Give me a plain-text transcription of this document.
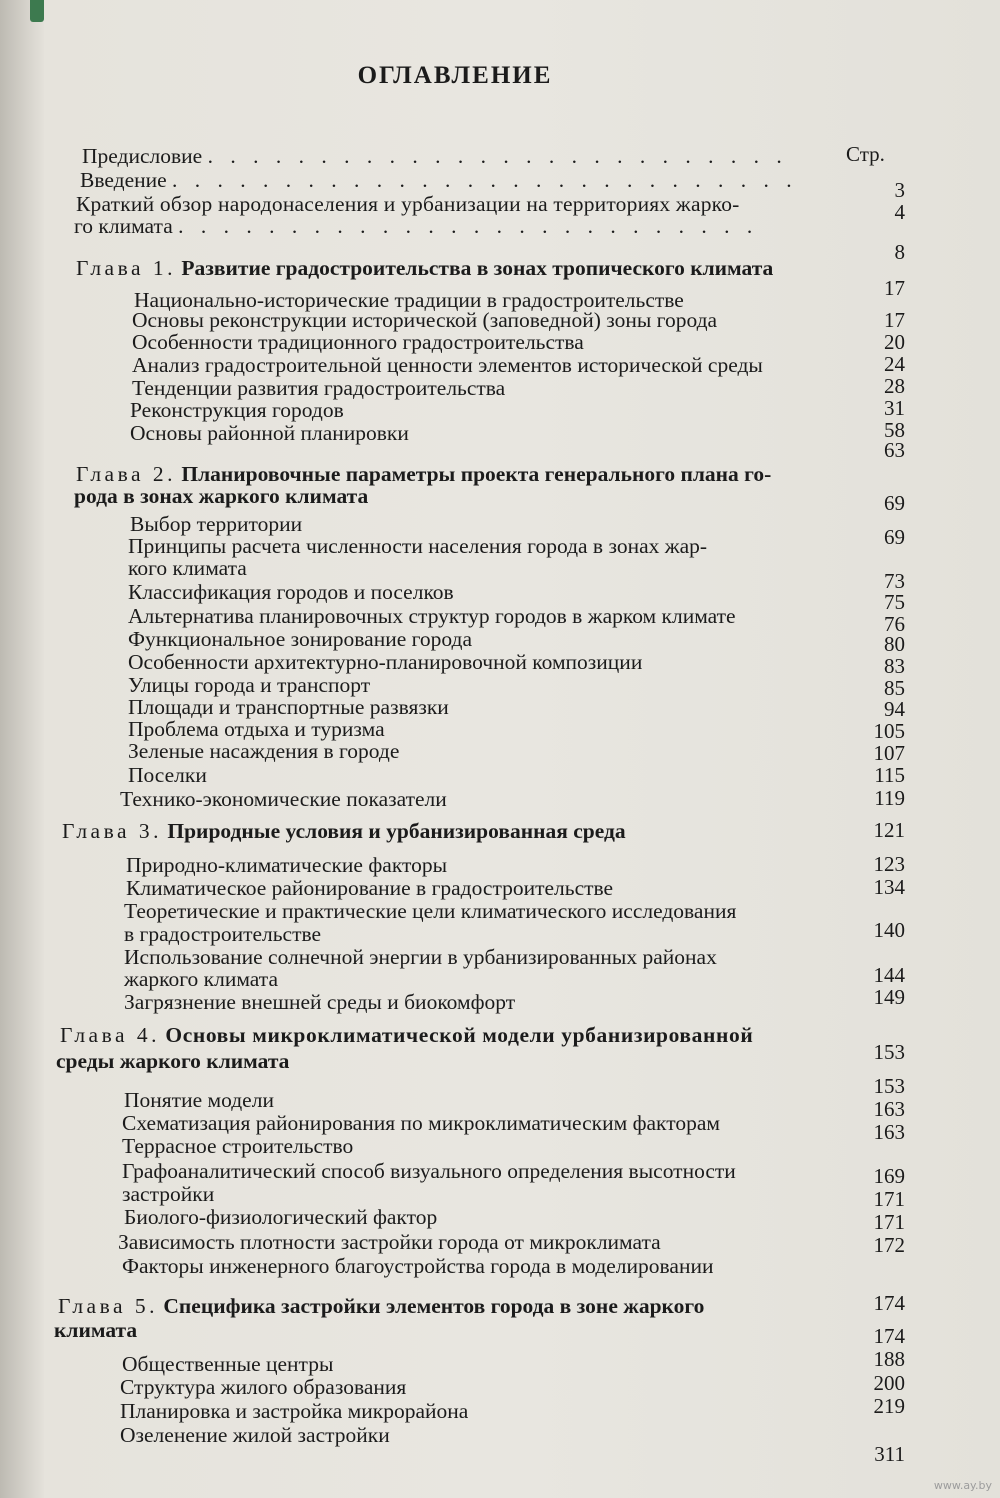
ОГЛАВЛЕНИЕ
Стр.
Предисловие . . . . . . . . . . . . . . . . . . . . . . . . . .
Введение . . . . . . . . . . . . . . . . . . . . . . . . . . . .
Краткий обзор народонаселения и урбанизации на территориях жарко-
го климата . . . . . . . . . . . . . . . . . . . . . . . . . .
Глава 1. Развитие градостроительства в зонах тропического климата
Национально-исторические традиции в градостроительстве
Основы реконструкции исторической (заповедной) зоны города
Особенности традиционного градостроительства
Анализ градостроительной ценности элементов исторической среды
Тенденции развития градостроительства
Реконструкция городов
Основы районной планировки
Глава 2. Планировочные параметры проекта генерального плана го-
рода в зонах жаркого климата
Выбор территории
Принципы расчета численности населения города в зонах жар-
кого климата
Классификация городов и поселков
Альтернатива планировочных структур городов в жарком климате
Функциональное зонирование города
Особенности архитектурно-планировочной композиции
Улицы города и транспорт
Площади и транспортные развязки
Проблема отдыха и туризма
Зеленые насаждения в городе
Поселки
Технико-экономические показатели
Глава 3. Природные условия и урбанизированная среда
Природно-климатические факторы
Климатическое районирование в градостроительстве
Теоретические и практические цели климатического исследования
в градостроительстве
Использование солнечной энергии в урбанизированных районах
жаркого климата
Загрязнение внешней среды и биокомфорт
Глава 4. Основы микроклиматической модели урбанизированной
среды жаркого климата
Понятие модели
Схематизация районирования по микроклиматическим факторам
Террасное строительство
Графоаналитический способ визуального определения высотности
застройки
Биолого-физиологический фактор
Зависимость плотности застройки города от микроклимата
Факторы инженерного благоустройства города в моделировании
Глава 5. Специфика застройки элементов города в зоне жаркого
климата
Общественные центры
Структура жилого образования
Планировка и застройка микрорайона
Озеленение жилой застройки
3
4
8
17
17
20
24
28
31
58
63
69
69
73
75
76
80
83
85
94
105
107
115
119
121
123
134
140
144
149
153
153
163
163
169
171
171
172
174
174
188
200
219
311
www.ay.by
